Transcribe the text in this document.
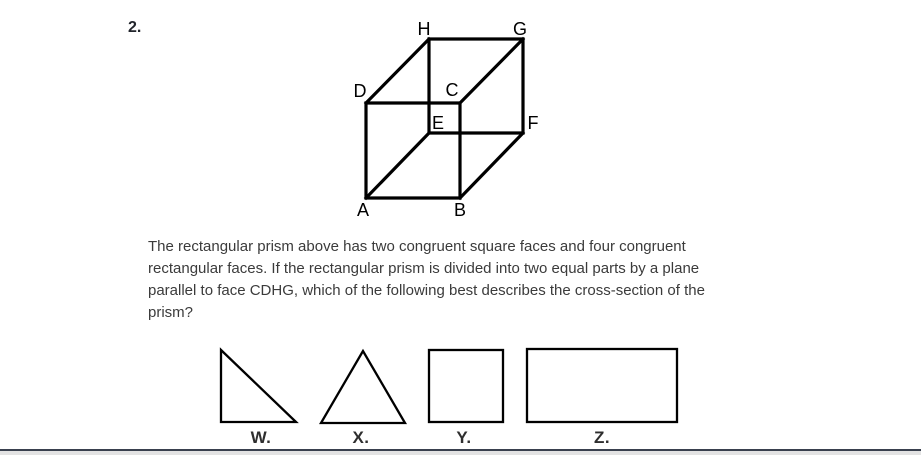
2.	H	G
D	C
E	F
A	B
The rectangular prism above has two congruent square faces and four congruent
rectangular faces. If the rectangular prism is divided into two equal parts by a plane
parallel to face CDHG, which of the following best describes the cross-section of the
prism?
W.	X.	Y.	Z.
